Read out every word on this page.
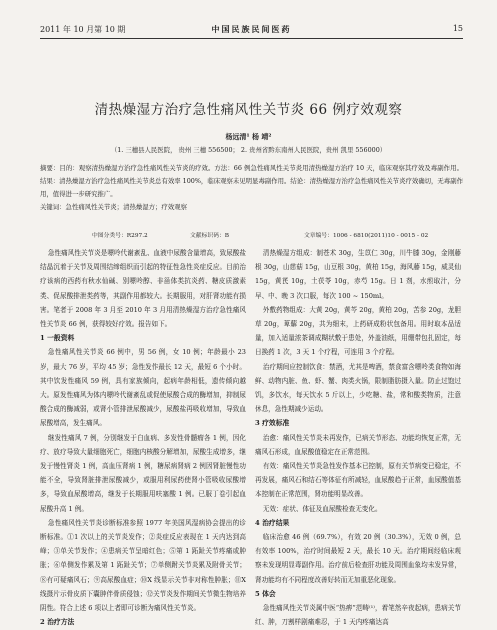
2011 年 10 月第 10 期	中国民族民间医药	15
清热燥湿方治疗急性痛风性关节炎 66 例疗效观察
杨远清¹ 杨 靖²
（1. 三穗县人民医院， 贵州 三穗 556500； 2. 贵州省黔东南州人民医院，贵州 凯里 556000）

摘要：目的：观察清热燥湿方治疗急性痛风性关节炎的疗效。方法：66 例急性痛风性关节炎用清热燥湿方治疗 10 天，临床观察其疗效及毒副作用。结果：清热燥湿方治疗急性痛风性关节炎总有效率 100%，临床观察未见明显毒副作用。结论：清热燥湿方治疗急性痛风性关节炎疗效确切，无毒副作用，值得进一步研究推广。

关键词：急性痛风性关节炎；清热燥湿方；疗效观察

中图分类号：R297.2	文献标识码：B	文章编号：1006 - 6810(2011)10 - 0015 - 02

急性痛风性关节炎是嘌呤代谢紊乱、血液中尿酸含量增高，致尿酸盐结晶沉着于关节及周围结缔组织而引起的特征性急性炎症反应。目前治疗该病的西药有秋水仙碱、别嘌呤醇、非甾体类抗炎药、糖皮质激素类、促尿酸排泄类药等，其副作用都较大。长期服用，对肝肾功能有损害。笔者于 2008 年 3 月至 2010 年 3 月用清热燥湿方治疗急性痛风性关节炎 66 例，获得较好疗效。报告如下。

1 一般资料

急性痛风性关节炎 66 例中，男 56 例，女 10 例；年龄最小 23 岁，最大 76 岁，平均 45 岁；急性发作最长 12 天，最短 6 个小时。其中饮发性痛风 59 例，具有家族倾向，起病年龄相低，遗传倾向越大。原发性痛风为体内嘌呤代谢紊乱或促使尿酸合成的酶增加，抑制尿酸合成的酶减弱，或肾小管排泄尿酸减少，尿酸盐再吸收增加，导致血尿酸增高，发生痛风。

继发性痛风 7 例，分别继发于白血病、多发性骨髓瘤各 1 例，因化疗、放疗导致大量细胞死亡，细胞内核酸分解增加，尿酸生成增多，继发于慢性肾炎 1 例，高血压肾病 1 例，糖尿病肾病 2 例因肾脏慢性功能不全，导致肾脏排泄尿酸减少，或服用利尿药使肾小管吸收尿酸增多，导致血尿酸增高，继发于长期服用呋塞酸 1 例。已服丁卷引起血尿酸升高 1 例。

急性痛风性关节炎诊断标准参照 1977 年美国风湿病协会提出的诊断标准。①1 次以上的关节炎发作；②炎症反应表现在 1 天内达到高峰；③单关节发作；④患病关节呈暗红色；⑤第 1 跖趾关节疼痛或肿胀；⑥单侧发作累及第 1 跖趾关节；⑦单侧跗关节炎累及附骨关节；⑧有可疑痛风石；⑨高尿酸血症；⑩X 线显示关节非对称性肿胀；⑪X 线摄片示骨皮质下囊肿伴骨质侵蚀；⑫关节炎发作期间关节微生物培养阴性。符合上述 6 项以上者即可诊断为痛风性关节炎。

2 治疗方法

清热燥湿方组成：制苍术 30g，生苡仁 30g，川牛膝 30g，金刚藤根 30g，山慈菇 15g，山豆根 30g，黄柏 15g，海风藤 15g，威灵仙 15g，黄芪 10g，土茯苓 10g，赤芍 15g。日 1 剂，水煎取汁，分早、中、晚 3 次口服，每次 100 ~ 150ml。

外敷药物组成：大黄 20g，黄芩 20g，黄柏 20g，苦参 20g，龙胆草 20g，萆薢 20g，共为细末，上药研成粉状包备用。用时取本品适量，加入适量浓茶调成糊状敷于患处，外盖油纸，用绷带包扎固定，每日换药 1 次，3 天 1 个疗程，可连用 3 个疗程。

治疗期间应控制饮食：禁酒，尤其是啤酒，禁食富含嘌呤类食物如海鲜、动物内脏、鱼、虾、蟹、肉类火锅，限制脂肪摄入量。防止过饱过饥，多饮水，每天饮水 5 斤以上，少吃糖、盐，常和酸类物质，注意休息，急性期减少运动。

3 疗效标准

治愈：痛风性关节炎未再发作，已病关节形态、功能均恢复正常，无痛风石形成，血尿酸值稳定在正常范围。

有效：痛风性关节炎急性发作基本已控制，原有关节病变已稳定，不再发展，痛风石和结石等体征有所减轻，血尿酸趋于正常，血尿酸值基本控制在正常范围，肾功能明显改善。

无效：症状、体征及血尿酸检查无变化。

4 治疗结果

临床治愈 46 例（69.7%），有效 20 例（30.3%），无效 0 例，总有效率 100%，治疗时间最短 2 天，最长 10 天。治疗期间经临床观察未发现明显毒副作用。治疗前后检查肝功能及周围血象均未发异常，肾功能均有不同程度改善好转而无加重恶化现象。

5 体会

急性痛风性关节炎属中医“热痹”范畴⁽¹⁾，着笔然辛夜起病，患病关节红、肿，刀割样剧痛难忍，于 1 天内疼痛达高
